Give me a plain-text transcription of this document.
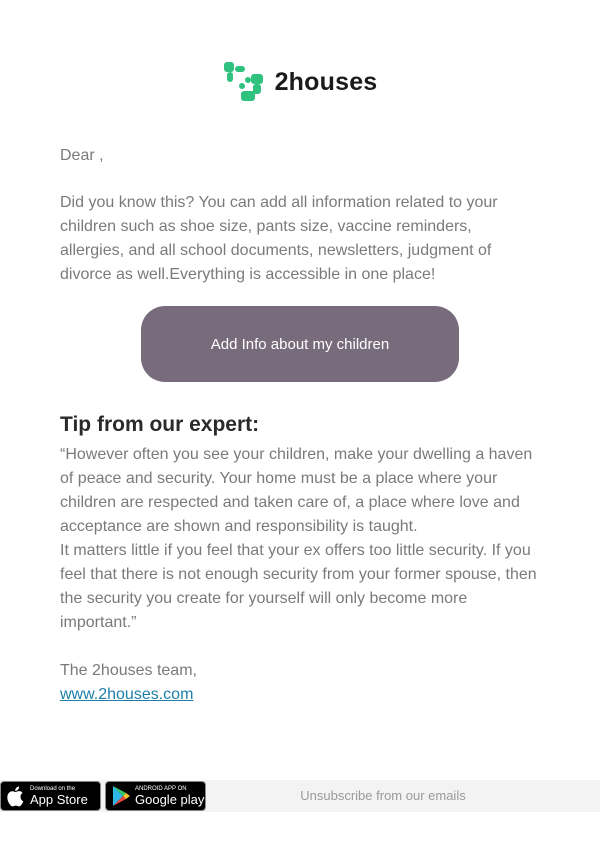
2houses
Dear ,

Did you know this? You can add all information related to your

children such as shoe size, pants size, vaccine reminders,

allergies, and all school documents, newsletters, judgment of

divorce as well.Everything is accessible in one place!

Add Info about my children
Tip from our expert:

“However often you see your children, make your dwelling a haven

of peace and security. Your home must be a place where your

children are respected and taken care of, a place where love and

acceptance are shown and responsibility is taught.

It matters little if you feel that your ex offers too little security. If you

feel that there is not enough security from your former spouse, then

the security you create for yourself will only become more

important.”

The 2houses team,
www.2houses.com
Download on the
App Store
ANDROID APP ON
Google play	Unsubscribe from our emails
